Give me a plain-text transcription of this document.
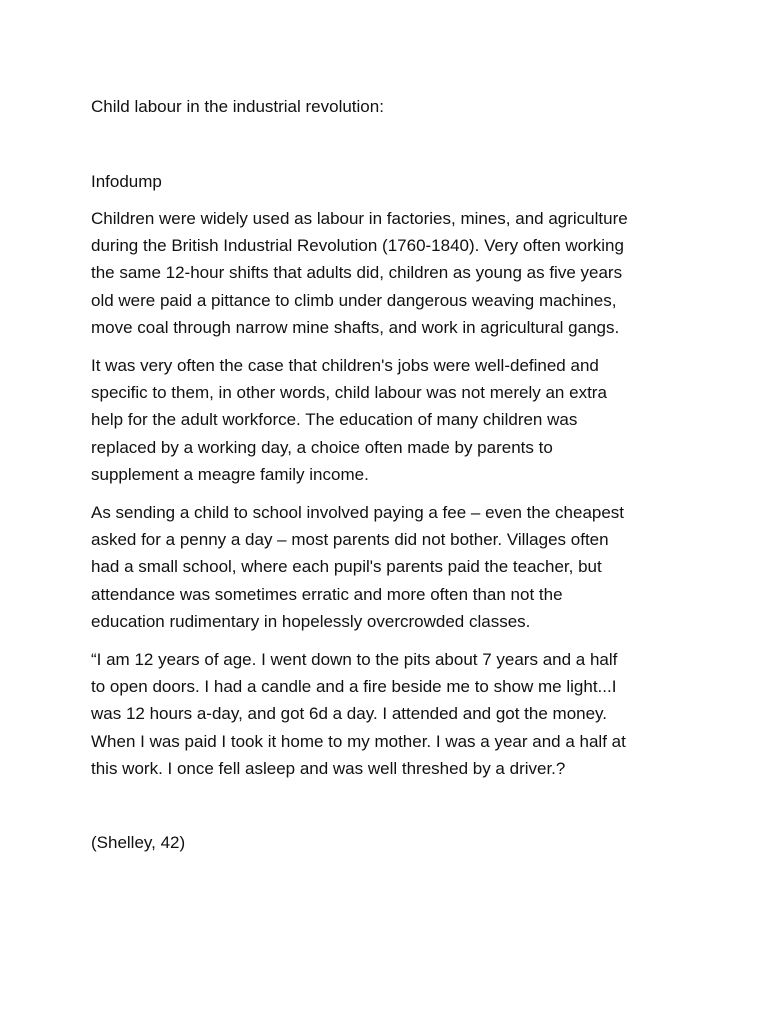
Child labour in the industrial revolution:
Infodump
Children were widely used as labour in factories, mines, and agriculture
during the British Industrial Revolution (1760-1840). Very often working
the same 12-hour shifts that adults did, children as young as five years
old were paid a pittance to climb under dangerous weaving machines,
move coal through narrow mine shafts, and work in agricultural gangs.
It was very often the case that children's jobs were well-defined and
specific to them, in other words, child labour was not merely an extra
help for the adult workforce. The education of many children was
replaced by a working day, a choice often made by parents to
supplement a meagre family income.
As sending a child to school involved paying a fee – even the cheapest
asked for a penny a day – most parents did not bother. Villages often
had a small school, where each pupil's parents paid the teacher, but
attendance was sometimes erratic and more often than not the
education rudimentary in hopelessly overcrowded classes.
“I am 12 years of age. I went down to the pits about 7 years and a half
to open doors. I had a candle and a fire beside me to show me light...I
was 12 hours a-day, and got 6d a day. I attended and got the money.
When I was paid I took it home to my mother. I was a year and a half at
this work. I once fell asleep and was well threshed by a driver.?
(Shelley, 42)
